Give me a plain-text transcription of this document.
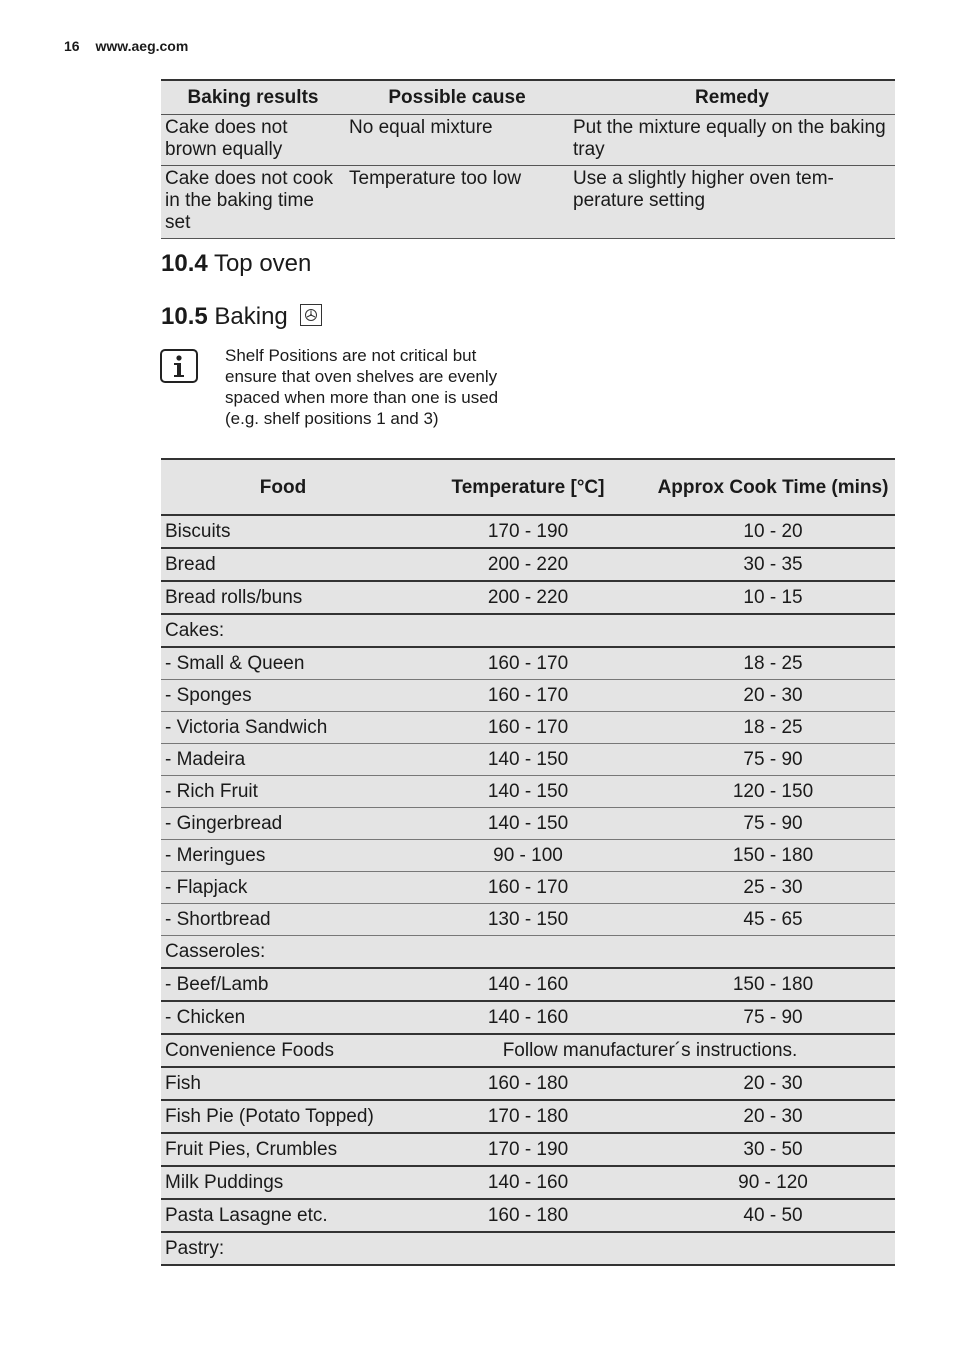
16 www.aeg.com
Baking results	Possible cause	Remedy
Cake does not brown equally	No equal mixture	Put the mixture equally on the baking tray
Cake does not cook in the baking time set	Temperature too low	Use a slightly higher oven tem- perature setting
10.4 Top oven
10.5 Baking
Shelf Positions are not critical but ensure that oven shelves are evenly spaced when more than one is used (e.g. shelf positions 1 and 3)
Food	Temperature [°C]	Approx Cook Time (mins)
Biscuits	170 - 190	10 - 20
Bread	200 - 220	30 - 35
Bread rolls/buns	200 - 220	10 - 15
Cakes:		
- Small & Queen	160 - 170	18 - 25
- Sponges	160 - 170	20 - 30
- Victoria Sandwich	160 - 170	18 - 25
- Madeira	140 - 150	75 - 90
- Rich Fruit	140 - 150	120 - 150
- Gingerbread	140 - 150	75 - 90
- Meringues	90 - 100	150 - 180
- Flapjack	160 - 170	25 - 30
- Shortbread	130 - 150	45 - 65
Casseroles:		
- Beef/Lamb	140 - 160	150 - 180
- Chicken	140 - 160	75 - 90
Convenience Foods	Follow manufacturer´s instructions.	
Fish	160 - 180	20 - 30
Fish Pie (Potato Topped)	170 - 180	20 - 30
Fruit Pies, Crumbles	170 - 190	30 - 50
Milk Puddings	140 - 160	90 - 120
Pasta Lasagne etc.	160 - 180	40 - 50
Pastry:		
